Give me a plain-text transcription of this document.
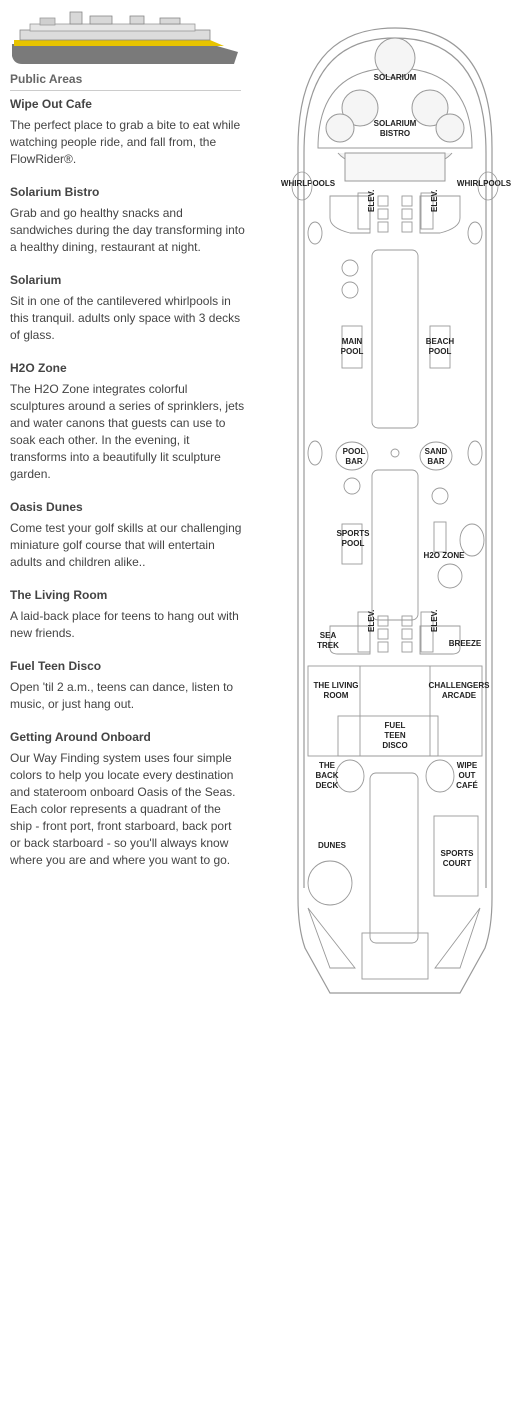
Public Areas
Wipe Out Cafe

The perfect place to grab a bite to eat while watching people ride, and fall from, the FlowRider®.

Solarium Bistro

Grab and go healthy snacks and sandwiches during the day transforming into a healthy dining, restaurant at night.

Solarium

Sit in one of the cantilevered whirlpools in this tranquil. adults only space with 3 decks of glass.

H2O Zone

The H2O Zone integrates colorful sculptures around a series of sprinklers, jets and water canons that guests can use to soak each other. In the evening, it transforms into a beautifully lit sculpture garden.

Oasis Dunes

Come test your golf skills at our challenging miniature golf course that will entertain adults and children alike..

The Living Room

A laid-back place for teens to hang out with new friends.

Fuel Teen Disco

Open 'til 2 a.m., teens can dance, listen to music, or just hang out.

Getting Around Onboard

Our Way Finding system uses four simple colors to help you locate every destination and stateroom onboard Oasis of the Seas. Each color represents a quadrant of the ship - front port, front starboard, back port or back starboard - so you'll always know where you are and where you want to go.

SOLARIUM
SOLARIUM
BISTRO
WHIRLPOOLS	WHIRLPOOLS
ELEV.	ELEV.
MAIN
POOL
BEACH
POOL
POOL
BAR
SAND
BAR
SPORTS
POOL
H2O ZONE
ELEV.	ELEV.
SEA
TREK	BREEZE
THE LIVING
ROOM
CHALLENGERS
ARCADE
FUEL
TEEN
DISCO
THE
BACK
DECK
WIPE
OUT
CAFÉ
DUNES
SPORTS
COURT
